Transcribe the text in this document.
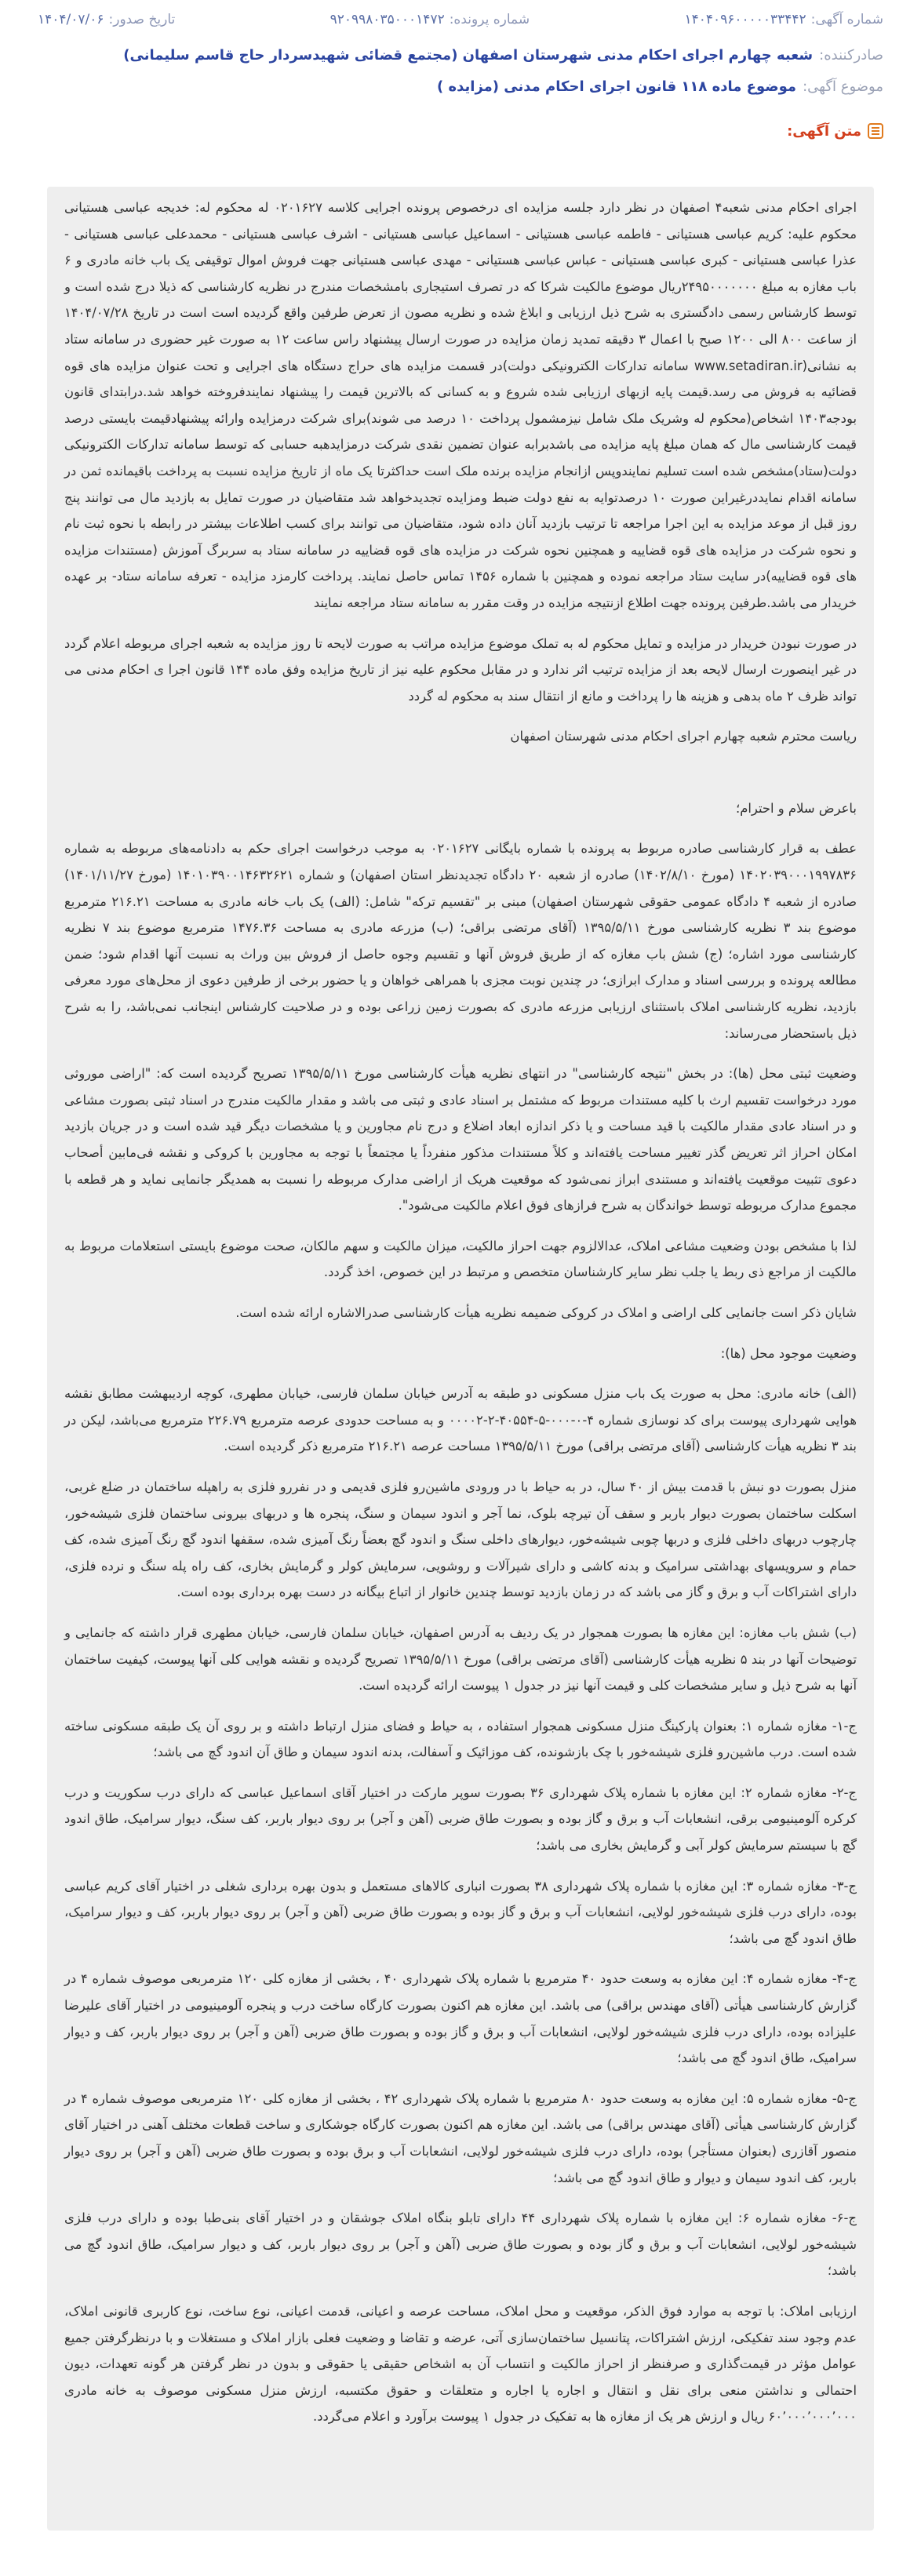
شماره آگهی:
۱۴۰۴۰۹۶۰۰۰۰۰۳۳۴۴۲
شماره پرونده:
۹۲۰۹۹۸۰۳۵۰۰۰۱۴۷۲
تاریخ صدور:
۱۴۰۴/۰۷/۰۶
صادرکننده:
شعبه چهارم اجرای احکام مدنی شهرستان اصفهان (مجتمع قضائی شهیدسردار حاج قاسم سلیمانی)
موضوع آگهی:
موضوع ماده ۱۱۸ قانون اجرای احکام مدنی (مزایده )
متن آگهی:

اجرای احکام مدنی شعبه۴ اصفهان در نظر دارد جلسه مزایده ای درخصوص پرونده اجرایی کلاسه ۰۲۰۱۶۲۷ له محکوم له: خدیجه عباسی هستیانی محکوم علیه: کریم عباسی هستیانی - فاطمه عباسی هستیانی - اسماعیل عباسی هستیانی - اشرف عباسی هستیانی - محمدعلی عباسی هستیانی - عذرا عباسی هستیانی - کبری عباسی هستیانی - عباس عباسی هستیانی - مهدی عباسی هستیانی جهت فروش اموال توقیفی یک باب خانه مادری و ۶ باب مغازه به مبلغ ۲۴۹۵۰۰۰۰۰۰۰ریال موضوع مالکیت شرکا که در تصرف استیجاری بامشخصات مندرج در نظریه کارشناسی که ذیلا درج شده است و توسط کارشناس رسمی دادگستری به شرح ذیل ارزیابی و ابلاغ شده و نظریه مصون از تعرض طرفین واقع گردیده است است در تاریخ ۱۴۰۴/۰۷/۲۸ از ساعت ۸۰۰ الی ۱۲۰۰ صبح با اعمال ۳ دقیقه تمدید زمان مزایده در صورت ارسال پیشنهاد راس ساعت ۱۲ به صورت غیر حضوری در سامانه ستاد به نشانی(www.setadiran.ir سامانه تدارکات الکترونیکی دولت)در قسمت مزایده های حراج دستگاه های اجرایی و تحت عنوان مزایده های قوه قضائیه به فروش می رسد.قیمت پایه ازبهای ارزیابی شده شروع و به کسانی که بالاترین قیمت را پیشنهاد نمایندفروخته خواهد شد.درابتدای قانون بودجه۱۴۰۳ اشخاص(محکوم له وشریک ملک شامل نیزمشمول پرداخت ۱۰ درصد می شوند)برای شرکت درمزایده وارائه پیشنهادقیمت بایستی درصد قیمت کارشناسی مال که همان مبلغ پایه مزایده می باشدبرابه عنوان تضمین نقدی شرکت درمزایدهبه حسابی که توسط سامانه تدارکات الکترونیکی دولت(ستاد)مشخص شده است تسلیم نمایندوپس ازانجام مزایده برنده ملک است حداکثرتا یک ماه از تاریخ مزایده نسبت به پرداخت باقیمانده ثمن در سامانه اقدام نمایددرغیراین صورت ۱۰ درصدتوایه به نفع دولت ضبط ومزایده تجدیدخواهد شد متقاضیان در صورت تمایل به بازدید مال می توانند پنج روز قبل از موعد مزایده به این اجرا مراجعه تا ترتیب بازدید آنان داده شود، متقاضیان می توانند برای کسب اطلاعات بیشتر در رابطه با نحوه ثبت نام و نحوه شرکت در مزایده های قوه قضاییه و همچنین نحوه شرکت در مزایده های قوه قضاییه در سامانه ستاد به سربرگ آموزش (مستندات مزایده های قوه قضاییه)در سایت ستاد مراجعه نموده و همچنین با شماره ۱۴۵۶ تماس حاصل نمایند. پرداخت کارمزد مزایده - تعرفه سامانه ستاد- بر عهده خریدار می باشد.طرفین پرونده جهت اطلاع ازنتیجه مزایده در وقت مقرر به سامانه ستاد مراجعه نمایند

در صورت نبودن خریدار در مزایده و تمایل محکوم له به تملک موضوع مزایده مراتب به صورت لایحه تا روز مزایده به شعبه اجرای مربوطه اعلام گردد در غیر اینصورت ارسال لایحه بعد از مزایده ترتیب اثر ندارد و در مقابل محکوم علیه نیز از تاریخ مزایده وفق ماده ۱۴۴ قانون اجرا ی احکام مدنی می تواند ظرف ۲ ماه بدهی و هزینه ها را پرداخت و مانع از انتقال سند به محکوم له گردد

ریاست محترم شعبه چهارم اجرای احکام مدنی شهرستان اصفهان

باعرض سلام و احترام؛

عطف به قرار کارشناسی صادره مربوط به پرونده با شماره بایگانی ۰۲۰۱۶۲۷ به موجب درخواست اجرای حکم به دادنامه‌های مربوطه به شماره ۱۴۰۲۰۳۹۰۰۰۱۹۹۷۸۳۶ (مورخ ۱۴۰۲/۸/۱۰) صادره از شعبه ۲۰ دادگاه تجدیدنظر استان اصفهان) و شماره ۱۴۰۱۰۳۹۰۰۱۴۶۳۲۶۲۱ (مورخ ۱۴۰۱/۱۱/۲۷) صادره از شعبه ۴ دادگاه عمومی حقوقی شهرستان اصفهان) مبنی بر "تقسیم ترکه" شامل: (الف) یک باب خانه مادری به مساحت ۲۱۶.۲۱ مترمربع موضوع بند ۳ نظریه کارشناسی مورخ ۱۳۹۵/۵/۱۱ (آقای مرتضی براقی؛ (ب) مزرعه مادری به مساحت ۱۴۷۶.۳۶ مترمربع موضوع بند ۷ نظریه کارشناسی مورد اشاره؛ (ج) شش باب مغازه که از طریق فروش آنها و تقسیم وجوه حاصل از فروش بین وراث به نسبت آنها اقدام شود؛ ضمن مطالعه پرونده و بررسی اسناد و مدارک ابرازی؛ در چندین نوبت مجزی با همراهی خواهان و یا حضور برخی از طرفین دعوی از محل‌های مورد معرفی بازدید، نظریه کارشناسی املاک باستثنای ارزیابی مزرعه مادری که بصورت زمین زراعی بوده و در صلاحیت کارشناس اینجانب نمی‌باشد، را به شرح ذیل باستحضار می‌رساند:

وضعیت ثبتی محل (ها): در بخش "نتیجه کارشناسی" در انتهای نظریه هیأت کارشناسی مورخ ۱۳۹۵/۵/۱۱ تصریح گردیده است که: "اراضی موروثی مورد درخواست تقسیم ارث با کلیه مستندات مربوط که مشتمل بر اسناد عادی و ثبتی می باشد و مقدار مالکیت مندرج در اسناد ثبتی بصورت مشاعی و در اسناد عادی مقدار مالکیت با قید مساحت و یا ذکر اندازه ابعاد اضلاع و درج نام مجاورین و یا مشخصات دیگر قید شده است و در جریان بازدید امکان احراز اثر تعریض گذر تغییر مساحت یافته‌اند و کلاً مستندات مذکور منفرداً یا مجتمعاً با توجه به مجاورین با کروکی و نقشه فی‌مابین أصحاب دعوی تثبیت موقعیت یافته‌اند و مستندی ابراز نمی‌شود که موقعیت هریک از اراضی مدارک مربوطه را نسبت به همدیگر جانمایی نماید و هر قطعه با مجموع مدارک مربوطه توسط خواندگان به شرح فرازهای فوق اعلام مالکیت می‌شود".

لذا با مشخص بودن وضعیت مشاعی املاک، عدالالزوم جهت احراز مالکیت، میزان مالکیت و سهم مالکان، صحت موضوع بایستی استعلامات مربوط به مالکیت از مراجع ذی ربط یا جلب نظر سایر کارشناسان متخصص و مرتبط در این خصوص، اخذ گردد.

شایان ذکر است جانمایی کلی اراضی و املاک در کروکی ضمیمه نظریه هیأت کارشناسی صدرالاشاره ارائه شده است.

وضعیت موجود محل (ها):

(الف) خانه مادری: محل به صورت یک باب منزل مسکونی دو طبقه به آدرس خیابان سلمان فارسی، خیابان مطهری، کوچه اردیبهشت مطابق نقشه هوایی شهرداری پیوست برای کد نوسازی شماره ۴-۰-۰۰۰-۵-۴۰۵۵۴-۲-۰۰۰۰۲ و به مساحت حدودی عرصه مترمربع ۲۲۶.۷۹ مترمربع می‌باشد، لیکن در بند ۳ نظریه هیأت کارشناسی (آقای مرتضی براقی) مورخ ۱۳۹۵/۵/۱۱ مساحت عرصه ۲۱۶.۲۱ مترمربع ذکر گردیده است.

منزل بصورت دو نبش با قدمت بیش از ۴۰ سال، در به حیاط با در ورودی ماشین‌رو فلزی قدیمی و در نفررو فلزی به راهپله ساختمان در ضلع غربی، اسکلت ساختمان بصورت دیوار باربر و سقف آن تیرچه بلوک، نما آجر و اندود سیمان و سنگ، پنجره ها و دربهای بیرونی ساختمان فلزی شیشه‌خور، چارچوب دربهای داخلی فلزی و دربها چوبی شیشه‌خور، دیوارهای داخلی سنگ و اندود گچ بعضاً رنگ آمیزی شده، سقفها اندود گچ رنگ آمیزی شده، کف حمام و سرویسهای بهداشتی سرامیک و بدنه کاشی و دارای شیرآلات و روشویی، سرمایش کولر و گرمایش بخاری، کف راه پله سنگ و نرده فلزی، دارای اشتراکات آب و برق و گاز می باشد که در زمان بازدید توسط چندین خانوار از اتباع بیگانه در دست بهره برداری بوده است.

(ب) شش باب مغازه: این مغازه ها بصورت همجوار در یک ردیف به آدرس اصفهان، خیابان سلمان فارسی، خیابان مطهری قرار داشته که جانمایی و توضیحات آنها در بند ۵ نظریه هیأت کارشناسی (آقای مرتضی براقی) مورخ ۱۳۹۵/۵/۱۱ تصریح گردیده و نقشه هوایی کلی آنها پیوست، کیفیت ساختمان آنها به شرح ذیل و سایر مشخصات کلی و قیمت آنها نیز در جدول ۱ پیوست ارائه گردیده است.

ج-۱- مغازه شماره ۱: بعنوان پارکینگ منزل مسکونی همجوار استفاده ، به حیاط و فضای منزل ارتباط داشته و بر روی آن یک طبقه مسکونی ساخته شده است. درب ماشین‌رو فلزی شیشه‌خور با چک بازشونده، کف موزائیک و آسفالت، بدنه اندود سیمان و طاق آن اندود گچ می باشد؛

ج-۲- مغازه شماره ۲: این مغازه با شماره پلاک شهرداری ۳۶ بصورت سوپر مارکت در اختیار آقای اسماعیل عباسی که دارای درب سکوریت و درب کرکره آلومینیومی برقی، انشعابات آب و برق و گاز بوده و بصورت طاق ضربی (آهن و آجر) بر روی دیوار باربر، کف سنگ، دیوار سرامیک، طاق اندود گچ با سیستم سرمایش کولر آبی و گرمایش بخاری می باشد؛

ج-۳- مغازه شماره ۳: این مغازه با شماره پلاک شهرداری ۳۸ بصورت انباری کالاهای مستعمل و بدون بهره برداری شغلی در اختیار آقای کریم عباسی بوده، دارای درب فلزی شیشه‌خور لولایی، انشعابات آب و برق و گاز بوده و بصورت طاق ضربی (آهن و آجر) بر روی دیوار باربر، کف و دیوار سرامیک، طاق اندود گچ می باشد؛

ج-۴- مغازه شماره ۴: این مغازه به وسعت حدود ۴۰ مترمربع با شماره پلاک شهرداری ۴۰ ، بخشی از مغازه کلی ۱۲۰ مترمربعی موصوف شماره ۴ در گزارش کارشناسی هیأتی (آقای مهندس براقی) می باشد. این مغازه هم اکنون بصورت کارگاه ساخت درب و پنجره آلومینیومی در اختیار آقای علیرضا علیزاده بوده، دارای درب فلزی شیشه‌خور لولایی، انشعابات آب و برق و گاز بوده و بصورت طاق ضربی (آهن و آجر) بر روی دیوار باربر، کف و دیوار سرامیک، طاق اندود گچ می باشد؛

ج-۵- مغازه شماره ۵: این مغازه به وسعت حدود ۸۰ مترمربع با شماره پلاک شهرداری ۴۲ ، بخشی از مغازه کلی ۱۲۰ مترمربعی موصوف شماره ۴ در گزارش کارشناسی هیأتی (آقای مهندس براقی) می باشد. این مغازه هم اکنون بصورت کارگاه جوشکاری و ساخت قطعات مختلف آهنی در اختیار آقای منصور آقازری (بعنوان مستأجر) بوده، دارای درب فلزی شیشه‌خور لولایی، انشعابات آب و برق بوده و بصورت طاق ضربی (آهن و آجر) بر روی دیوار باربر، کف اندود سیمان و دیوار و طاق اندود گچ می باشد؛

ج-۶- مغازه شماره ۶: این مغازه با شماره پلاک شهرداری ۴۴ دارای تابلو بنگاه املاک جوشقان و در اختیار آقای بنی‌طبا بوده و دارای درب فلزی شیشه‌خور لولایی، انشعابات آب و برق و گاز بوده و بصورت طاق ضربی (آهن و آجر) بر روی دیوار باربر، کف و دیوار سرامیک، طاق اندود گچ می باشد؛

ارزیابی املاک: با توجه به موارد فوق الذکر، موقعیت و محل املاک، مساحت عرصه و اعیانی، قدمت اعیانی، نوع ساخت، نوع کاربری قانونی املاک، عدم وجود سند تفکیکی، ارزش اشتراکات، پتانسیل ساختمان‌سازی آتی، عرضه و تقاضا و وضعیت فعلی بازار املاک و مستغلات و با درنظرگرفتن جمیع عوامل مؤثر در قیمت‌گذاری و صرفنظر از احراز مالکیت و انتساب آن به اشخاص حقیقی یا حقوقی و بدون در نظر گرفتن هر گونه تعهدات، دیون احتمالی و نداشتن منعی برای نقل و انتقال و اجاره یا اجاره و متعلقات و حقوق مکتسبه، ارزش منزل مسکونی موصوف به خانه مادری ۶۰٬۰۰۰٬۰۰۰٬۰۰۰ ریال و ارزش هر یک از مغازه ها به تفکیک در جدول ۱ پیوست برآورد و اعلام می‌گردد.
